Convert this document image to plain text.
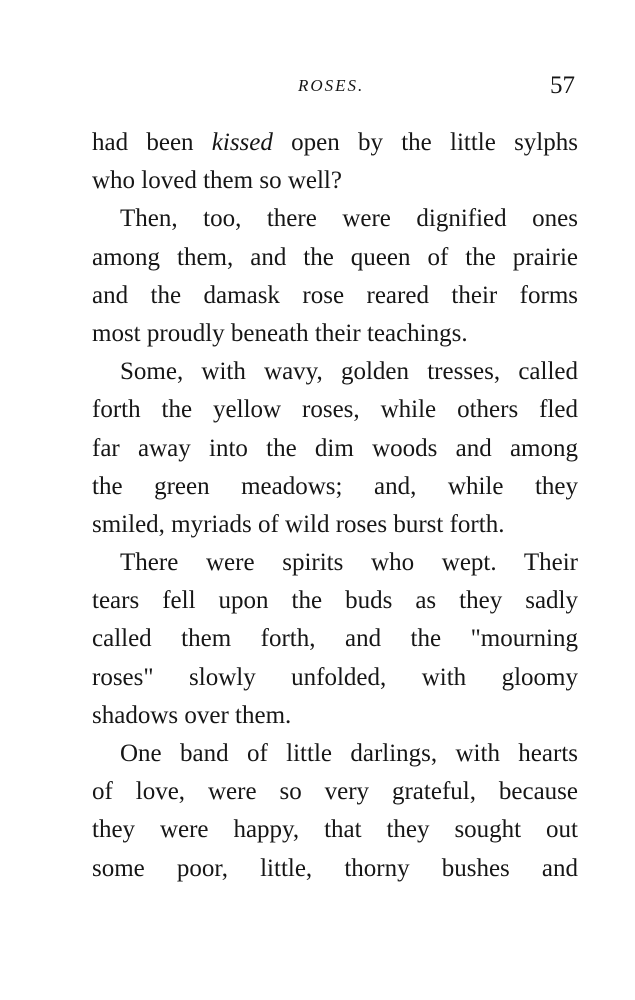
ROSES.	57
had been kissed open by the little sylphs
who loved them so well?
Then, too, there were dignified ones
among them, and the queen of the prairie
and the damask rose reared their forms
most proudly beneath their teachings.
Some, with wavy, golden tresses, called
forth the yellow roses, while others fled
far away into the dim woods and among
the green meadows; and, while they
smiled, myriads of wild roses burst forth.
There were spirits who wept. Their
tears fell upon the buds as they sadly
called them forth, and the "mourning
roses" slowly unfolded, with gloomy
shadows over them.
One band of little darlings, with hearts
of love, were so very grateful, because
they were happy, that they sought out
some poor, little, thorny bushes and
